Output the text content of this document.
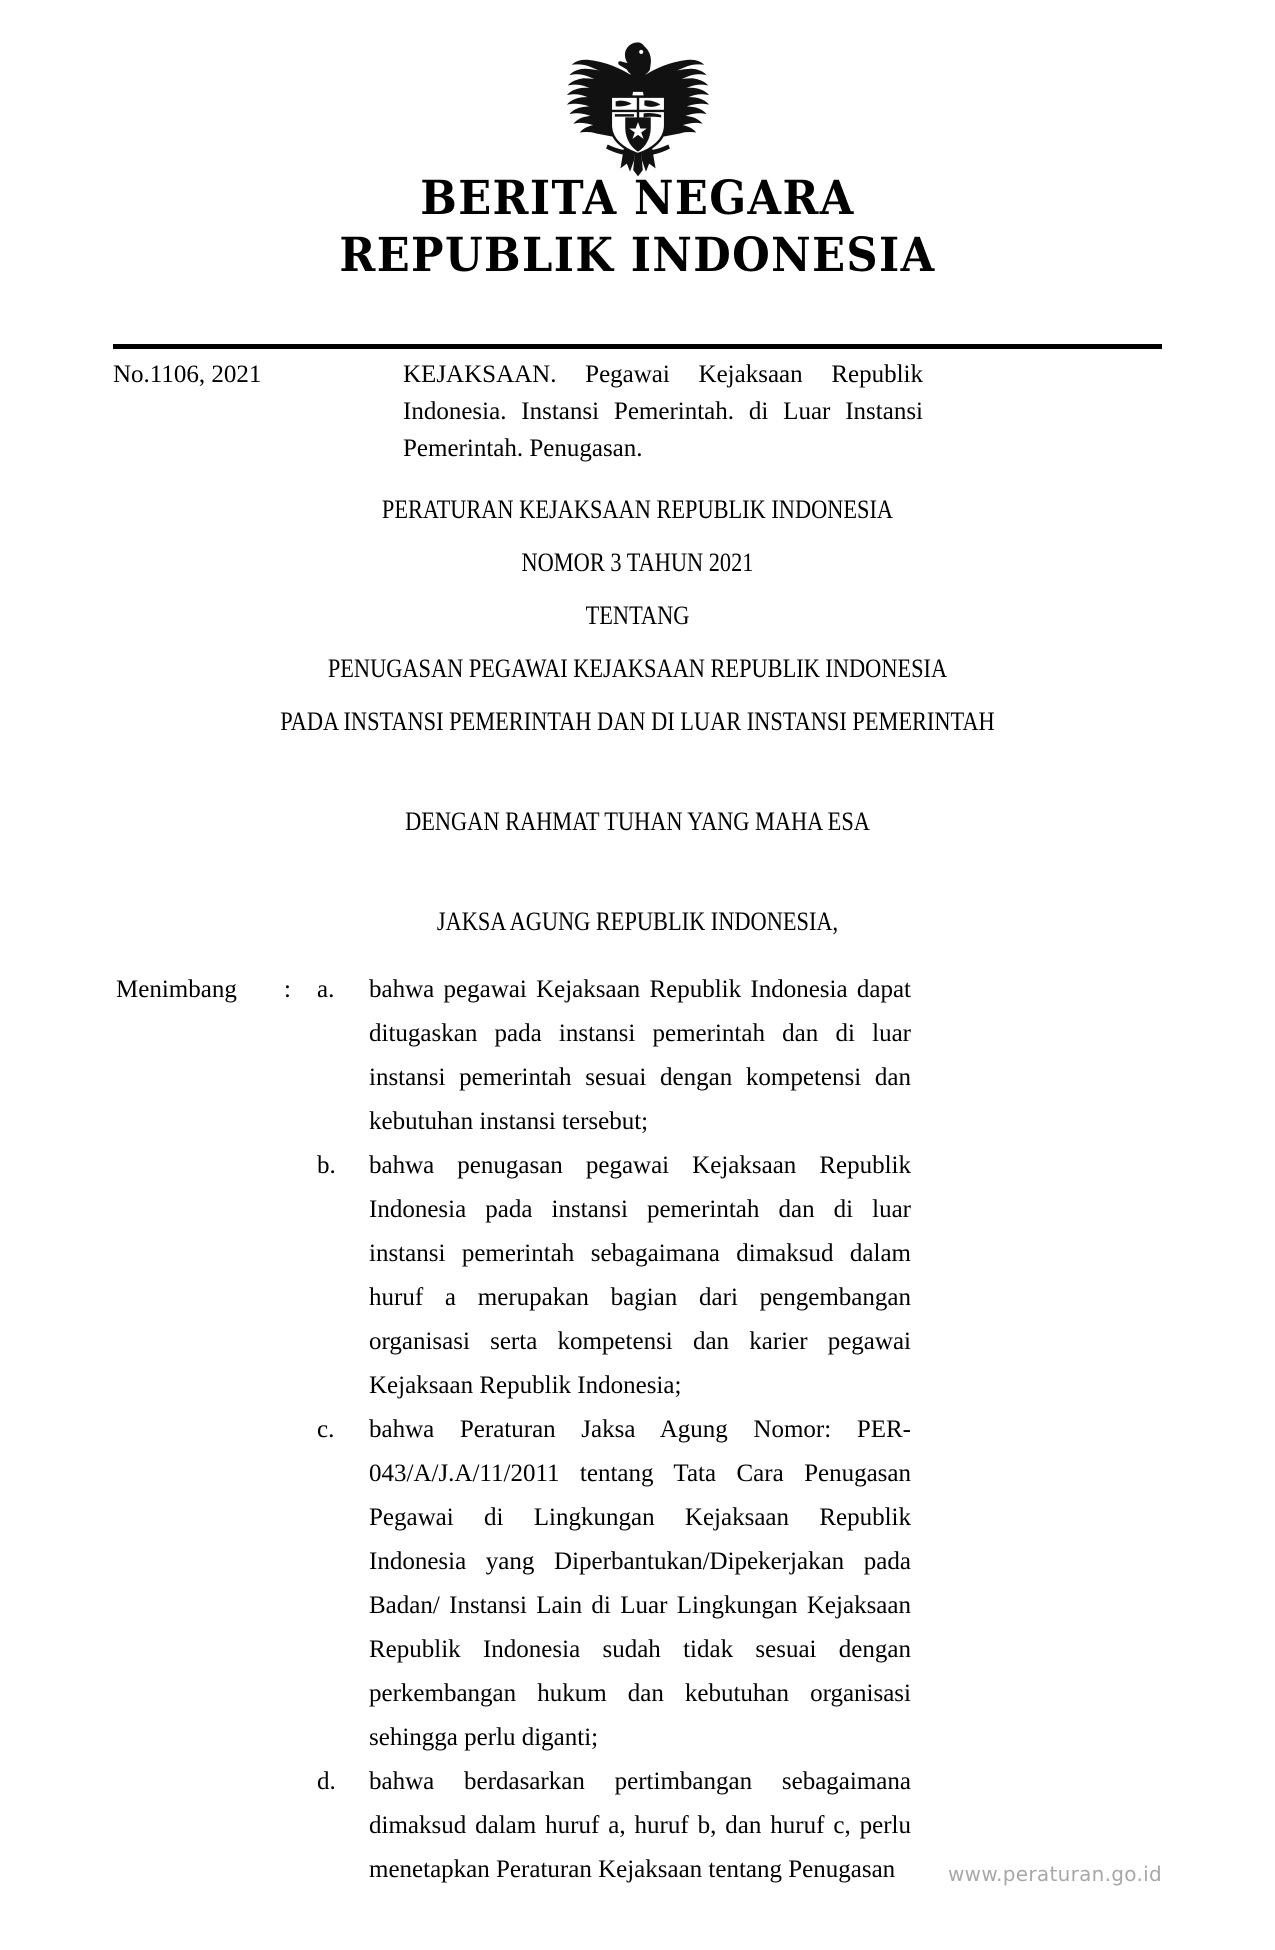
BERITA NEGARA
REPUBLIK INDONESIA
No.1106, 2021	KEJAKSAAN. Pegawai Kejaksaan Republik Indonesia. Instansi Pemerintah. di Luar Instansi Pemerintah. Penugasan.
PERATURAN KEJAKSAAN REPUBLIK INDONESIA
NOMOR 3 TAHUN 2021
TENTANG
PENUGASAN PEGAWAI KEJAKSAAN REPUBLIK INDONESIA
PADA INSTANSI PEMERINTAH DAN DI LUAR INSTANSI PEMERINTAH
DENGAN RAHMAT TUHAN YANG MAHA ESA
JAKSA AGUNG REPUBLIK INDONESIA,
Menimbang : a.	bahwa pegawai Kejaksaan Republik Indonesia dapat ditugaskan pada instansi pemerintah dan di luar instansi pemerintah sesuai dengan kompetensi dan kebutuhan instansi tersebut;
b.	bahwa penugasan pegawai Kejaksaan Republik Indonesia pada instansi pemerintah dan di luar instansi pemerintah sebagaimana dimaksud dalam huruf a merupakan bagian dari pengembangan organisasi serta kompetensi dan karier pegawai Kejaksaan Republik Indonesia;
c.	bahwa Peraturan Jaksa Agung Nomor: PER-043/A/J.A/11/2011 tentang Tata Cara Penugasan Pegawai di Lingkungan Kejaksaan Republik Indonesia yang Diperbantukan/Dipekerjakan pada Badan/ Instansi Lain di Luar Lingkungan Kejaksaan Republik Indonesia sudah tidak sesuai dengan perkembangan hukum dan kebutuhan organisasi sehingga perlu diganti;
d.	bahwa berdasarkan pertimbangan sebagaimana dimaksud dalam huruf a, huruf b, dan huruf c, perlu menetapkan Peraturan Kejaksaan tentang Penugasan	www.peraturan.go.id
